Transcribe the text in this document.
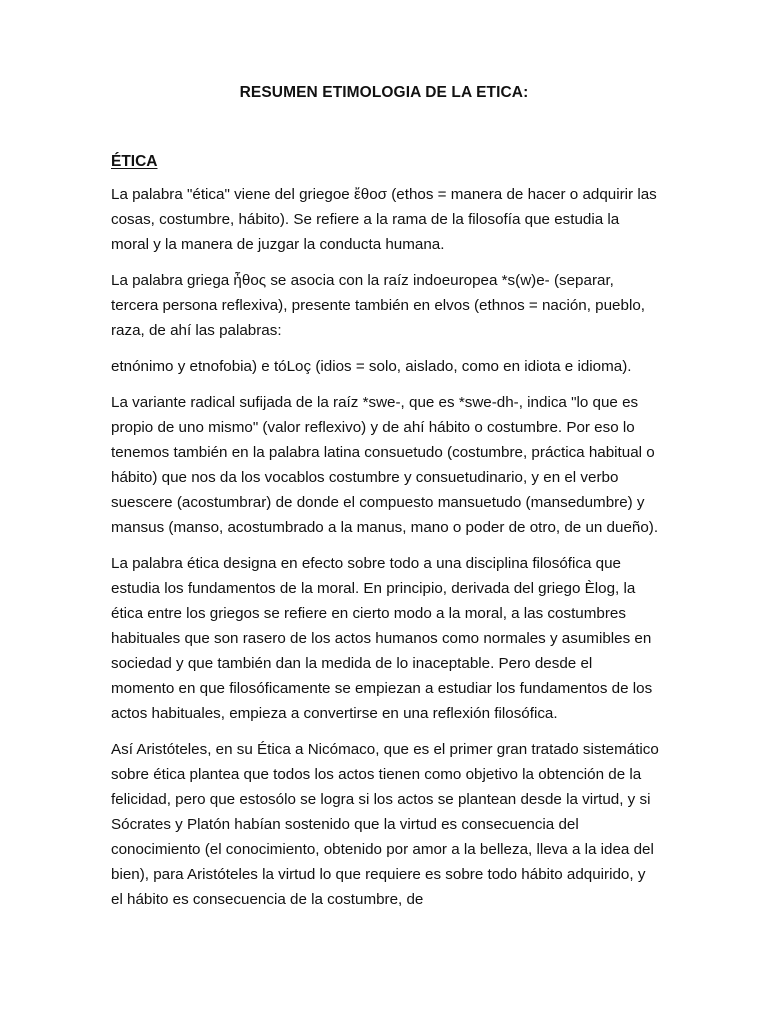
RESUMEN ETIMOLOGIA DE LA ETICA:
ÉTICA

La palabra "ética" viene del griegoe ἔθοσ (ethos = manera de hacer o adquirir las cosas, costumbre, hábito). Se refiere a la rama de la filosofía que estudia la moral y la manera de juzgar la conducta humana.

La palabra griega ἦθος se asocia con la raíz indoeuropea *s(w)e- (separar, tercera persona reflexiva), presente también en elvos (ethnos = nación, pueblo, raza, de ahí las palabras:

etnónimo y etnofobia) e tóLoç (idios = solo, aislado, como en idiota e idioma).

La variante radical sufijada de la raíz *swe-, que es *swe-dh-, indica "lo que es propio de uno mismo" (valor reflexivo) y de ahí hábito o costumbre. Por eso lo tenemos también en la palabra latina consuetudo (costumbre, práctica habitual o hábito) que nos da los vocablos costumbre y consuetudinario, y en el verbo suescere (acostumbrar) de donde el compuesto mansuetudo (mansedumbre) y mansus (manso, acostumbrado a la manus, mano o poder de otro, de un dueño).

La palabra ética designa en efecto sobre todo a una disciplina filosófica que estudia los fundamentos de la moral. En principio, derivada del griego Èlog, la ética entre los griegos se refiere en cierto modo a la moral, a las costumbres habituales que son rasero de los actos humanos como normales y asumibles en sociedad y que también dan la medida de lo inaceptable. Pero desde el momento en que filosóficamente se empiezan a estudiar los fundamentos de los actos habituales, empieza a convertirse en una reflexión filosófica.

Así Aristóteles, en su Ética a Nicómaco, que es el primer gran tratado sistemático sobre ética plantea que todos los actos tienen como objetivo la obtención de la felicidad, pero que estosólo se logra si los actos se plantean desde la virtud, y si Sócrates y Platón habían sostenido que la virtud es consecuencia del conocimiento (el conocimiento, obtenido por amor a la belleza, lleva a la idea del bien), para Aristóteles la virtud lo que requiere es sobre todo hábito adquirido, y el hábito es consecuencia de la costumbre, de
